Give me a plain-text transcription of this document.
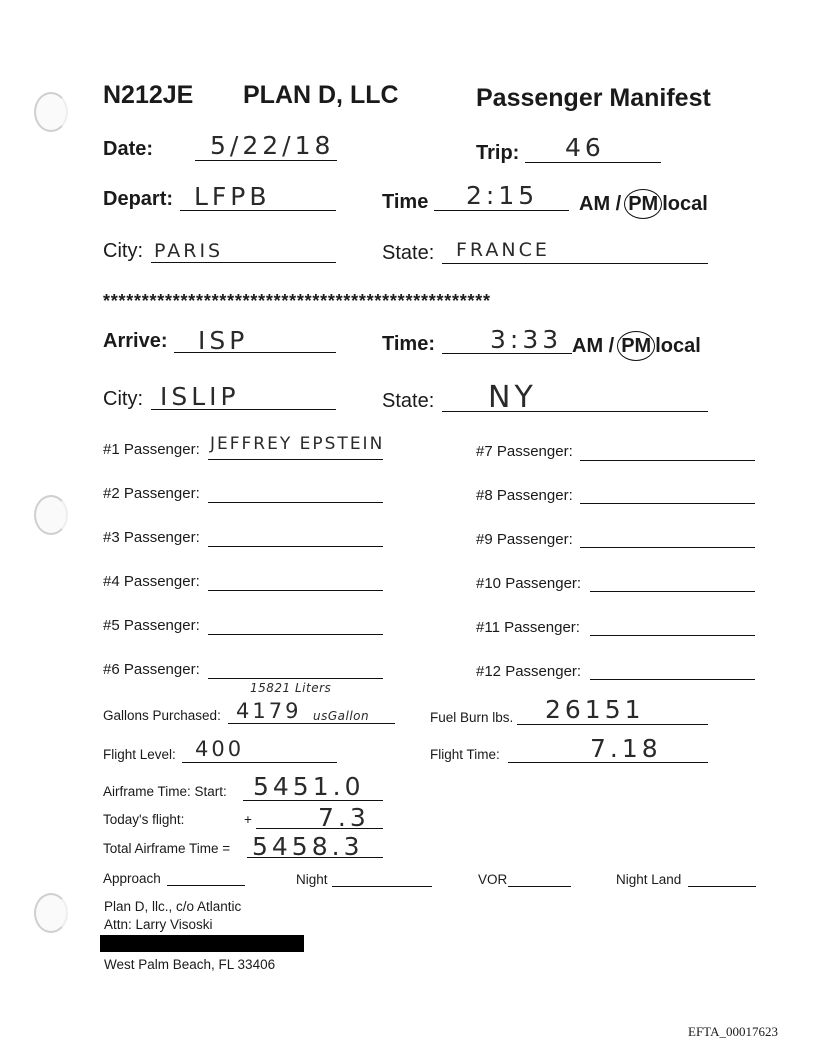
N212JE PLAN D, LLC	Passenger Manifest
Date: 5/22/18	Trip: 46
Depart: LFPB	Time 2:15 AM / PM local
City: PARIS	State: FRANCE
**************************************************
Arrive: ISP	Time: 3:33 AM / PM local
City: ISLIP	State: NY
#1 Passenger: JEFFREY EPSTEIN
#2 Passenger:
#3 Passenger:
#4 Passenger:
#5 Passenger:
#6 Passenger:
#7 Passenger:
#8 Passenger:
#9 Passenger:
#10 Passenger:
#11 Passenger:
#12 Passenger:
15821 Liters
Gallons Purchased: 4179 usGallon	Fuel Burn lbs. 26151
Flight Level: 400	Flight Time:	7.18
Airframe Time: Start: 5451.0
Today's flight:	+	7.3
Total Airframe Time = 5458.3
Approach	Night	VOR	Night Land
Plan D, llc., c/o Atlantic
Attn: Larry Visoski
West Palm Beach, FL 33406
EFTA_00017623
